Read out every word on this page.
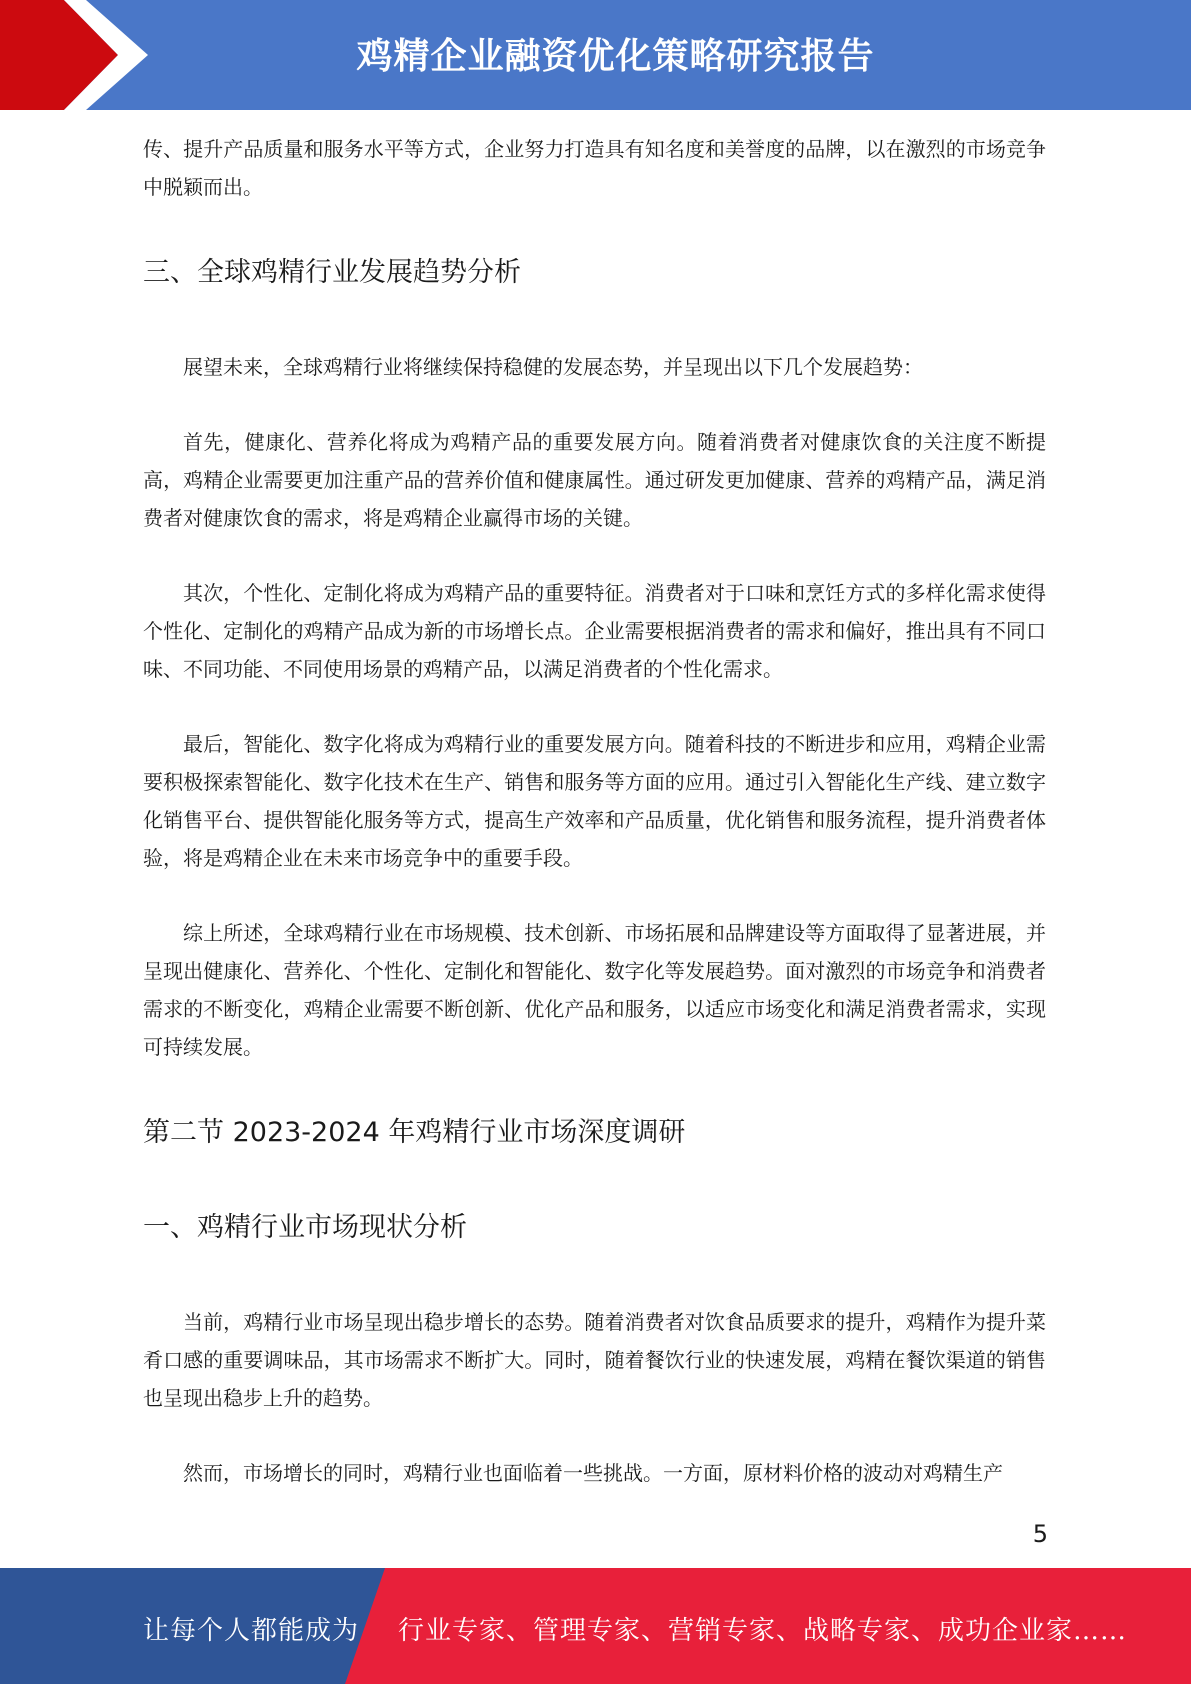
鸡精企业融资优化策略研究报告

传、提升产品质量和服务水平等方式，企业努力打造具有知名度和美誉度的品牌，以在激烈的市场竞争中脱颖而出。

三、全球鸡精行业发展趋势分析

展望未来，全球鸡精行业将继续保持稳健的发展态势，并呈现出以下几个发展趋势：

首先，健康化、营养化将成为鸡精产品的重要发展方向。随着消费者对健康饮食的关注度不断提高，鸡精企业需要更加注重产品的营养价值和健康属性。通过研发更加健康、营养的鸡精产品，满足消费者对健康饮食的需求，将是鸡精企业赢得市场的关键。

其次，个性化、定制化将成为鸡精产品的重要特征。消费者对于口味和烹饪方式的多样化需求使得个性化、定制化的鸡精产品成为新的市场增长点。企业需要根据消费者的需求和偏好，推出具有不同口味、不同功能、不同使用场景的鸡精产品，以满足消费者的个性化需求。

最后，智能化、数字化将成为鸡精行业的重要发展方向。随着科技的不断进步和应用，鸡精企业需要积极探索智能化、数字化技术在生产、销售和服务等方面的应用。通过引入智能化生产线、建立数字化销售平台、提供智能化服务等方式，提高生产效率和产品质量，优化销售和服务流程，提升消费者体验，将是鸡精企业在未来市场竞争中的重要手段。

综上所述，全球鸡精行业在市场规模、技术创新、市场拓展和品牌建设等方面取得了显著进展，并呈现出健康化、营养化、个性化、定制化和智能化、数字化等发展趋势。面对激烈的市场竞争和消费者需求的不断变化，鸡精企业需要不断创新、优化产品和服务，以适应市场变化和满足消费者需求，实现可持续发展。

第二节 2023-2024 年鸡精行业市场深度调研
一、鸡精行业市场现状分析

当前，鸡精行业市场呈现出稳步增长的态势。随着消费者对饮食品质要求的提升，鸡精作为提升菜肴口感的重要调味品，其市场需求不断扩大。同时，随着餐饮行业的快速发展，鸡精在餐饮渠道的销售也呈现出稳步上升的趋势。

然而，市场增长的同时，鸡精行业也面临着一些挑战。一方面，原材料价格的波动对鸡精生产

5
让每个人都能成为 行业专家、管理专家、营销专家、战略专家、成功企业家……
